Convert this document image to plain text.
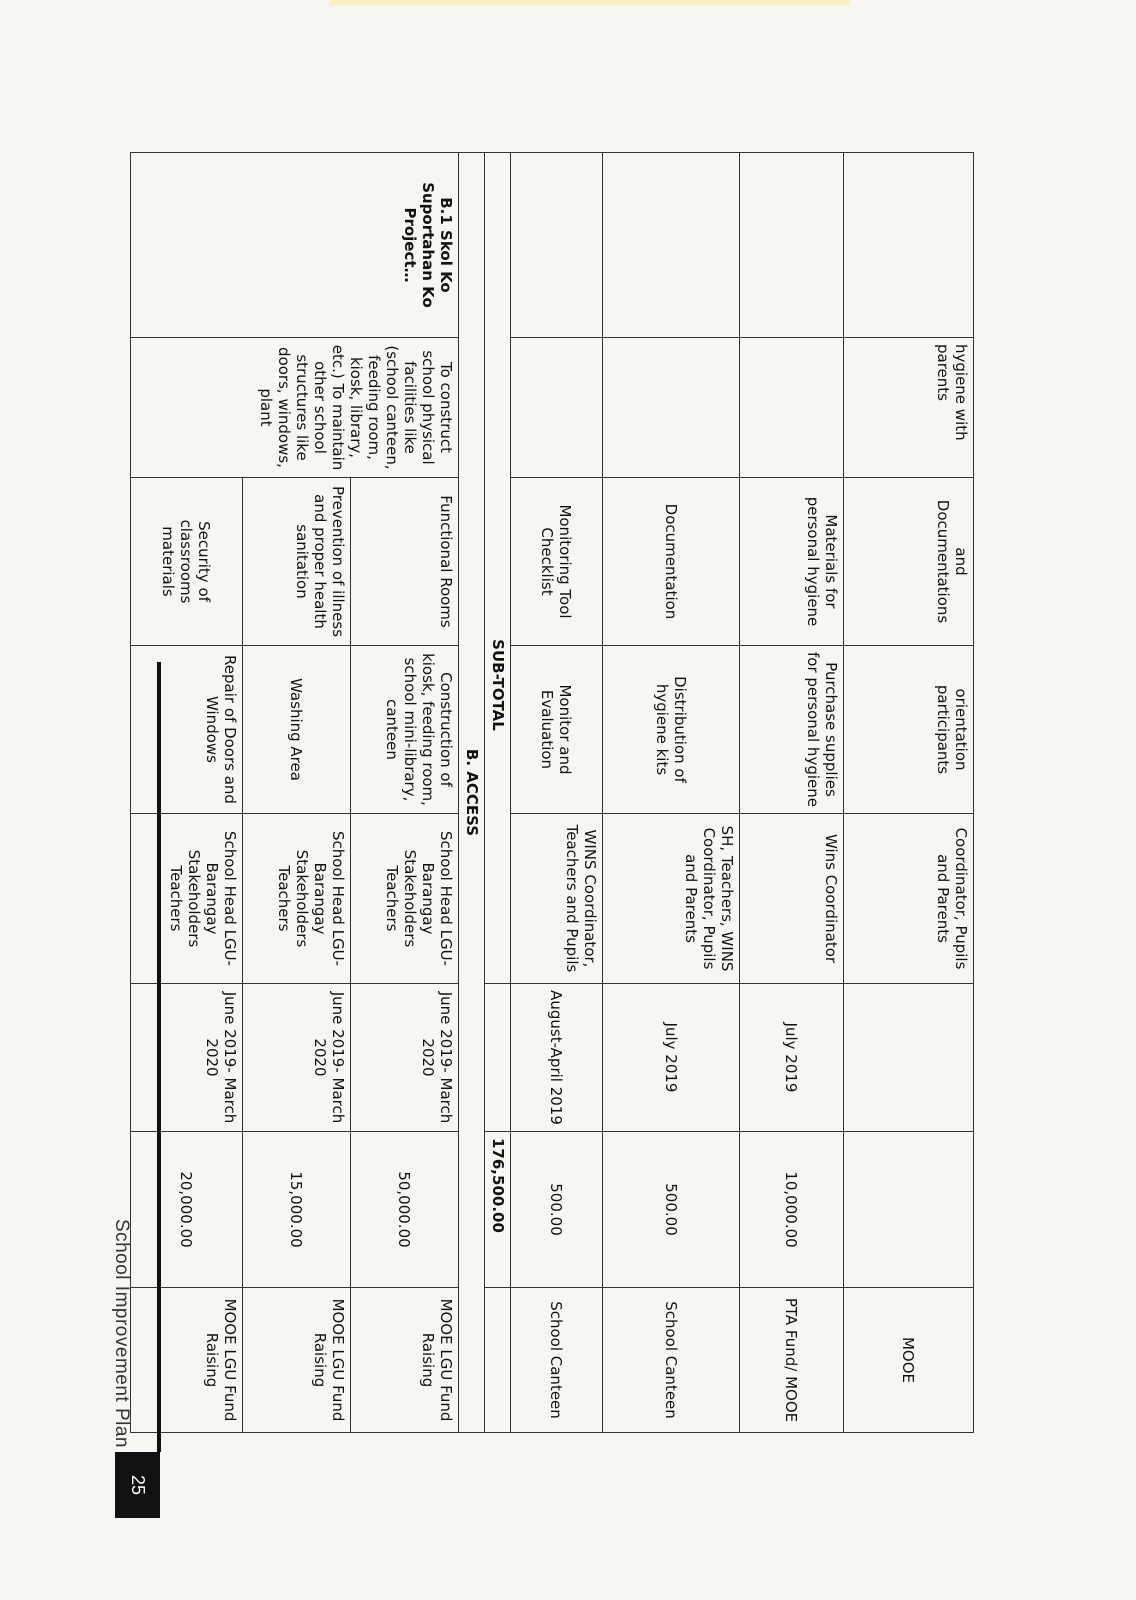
	hygiene with parents	and Documentations	orientation participants	Coordinator, Pupils and Parents			MOOE
		Materials for personal hygiene	Purchase supplies for personal hygiene	Wins Coordinator	July 2019	10,000.00	PTA Fund/ MOOE
		Documentation	Distribution of hygiene kits	SH, Teachers, WINS Coordinator, Pupils and Parents	July 2019	500.00	School Canteen
		Monitoring Tool Checklist	Monitor and Evaluation	WINS Coordinator, Teachers and Pupils	August-April 2019	500.00	School Canteen
SUB-TOTAL						176,500.00	
B. ACCESS							
B.1 Skol Ko Suportahan Ko Project…	To construct school physical facilities like (school canteen, feeding room, kiosk, library, etc.) To maintain other school structures like doors, windows, plant	Functional Rooms	Construction of kiosk, feeding room, school mini-library, canteen	School Head LGU-Barangay Stakeholders Teachers	June 2019- March 2020	50,000.00	MOOE LGU Fund Raising
		Prevention of illness and proper health sanitation	Washing Area	School Head LGU-Barangay Stakeholders Teachers	June 2019- March 2020	15,000.00	MOOE LGU Fund Raising
		Security of classrooms materials	Repair of Doors and Windows	School Head LGU-Barangay Stakeholders Teachers	June 2019- March 2020	20,000.00	MOOE LGU Fund Raising
School Improvement Plan
25
